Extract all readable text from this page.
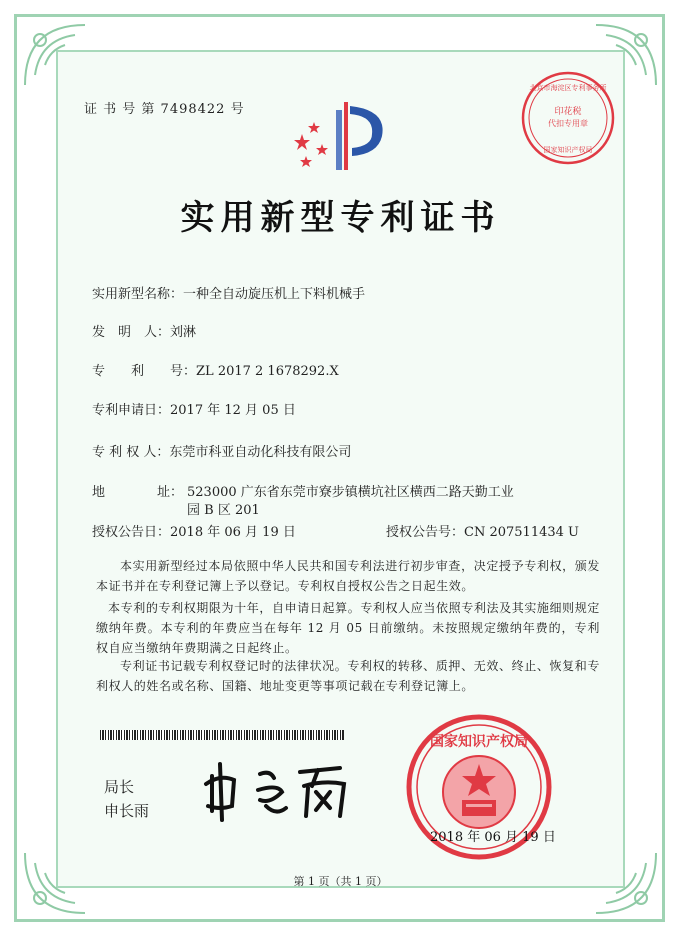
证 书 号 第 7498422 号	印花税
代扣专用章
北京市海淀区专利事务所
国家知识产权局
实用新型专利证书
实用新型名称：一种全自动旋压机上下料机械手
发　明　人：刘淋
专　　利　　号：ZL 2017 2 1678292.X
专利申请日：2017 年 12 月 05 日
专 利 权 人：东莞市科亚自动化科技有限公司
地　　　　址： 523000 广东省东莞市寮步镇横坑社区横西二路天勤工业
园 B 区 201
授权公告日：2018 年 06 月 19 日	授权公告号：CN 207511434 U
本实用新型经过本局依照中华人民共和国专利法进行初步审查，决定授予专利权，颁发本证书并在专利登记簿上予以登记。专利权自授权公告之日起生效。
本专利的专利权期限为十年，自申请日起算。专利权人应当依照专利法及其实施细则规定缴纳年费。本专利的年费应当在每年 12 月 05 日前缴纳。未按照规定缴纳年费的，专利权自应当缴纳年费期满之日起终止。
专利证书记载专利权登记时的法律状况。专利权的转移、质押、无效、终止、恢复和专利权人的姓名或名称、国籍、地址变更等事项记载在专利登记簿上。
局长
申长雨
国家知识产权局
2018 年 06 月 19 日
第 1 页（共 1 页）
